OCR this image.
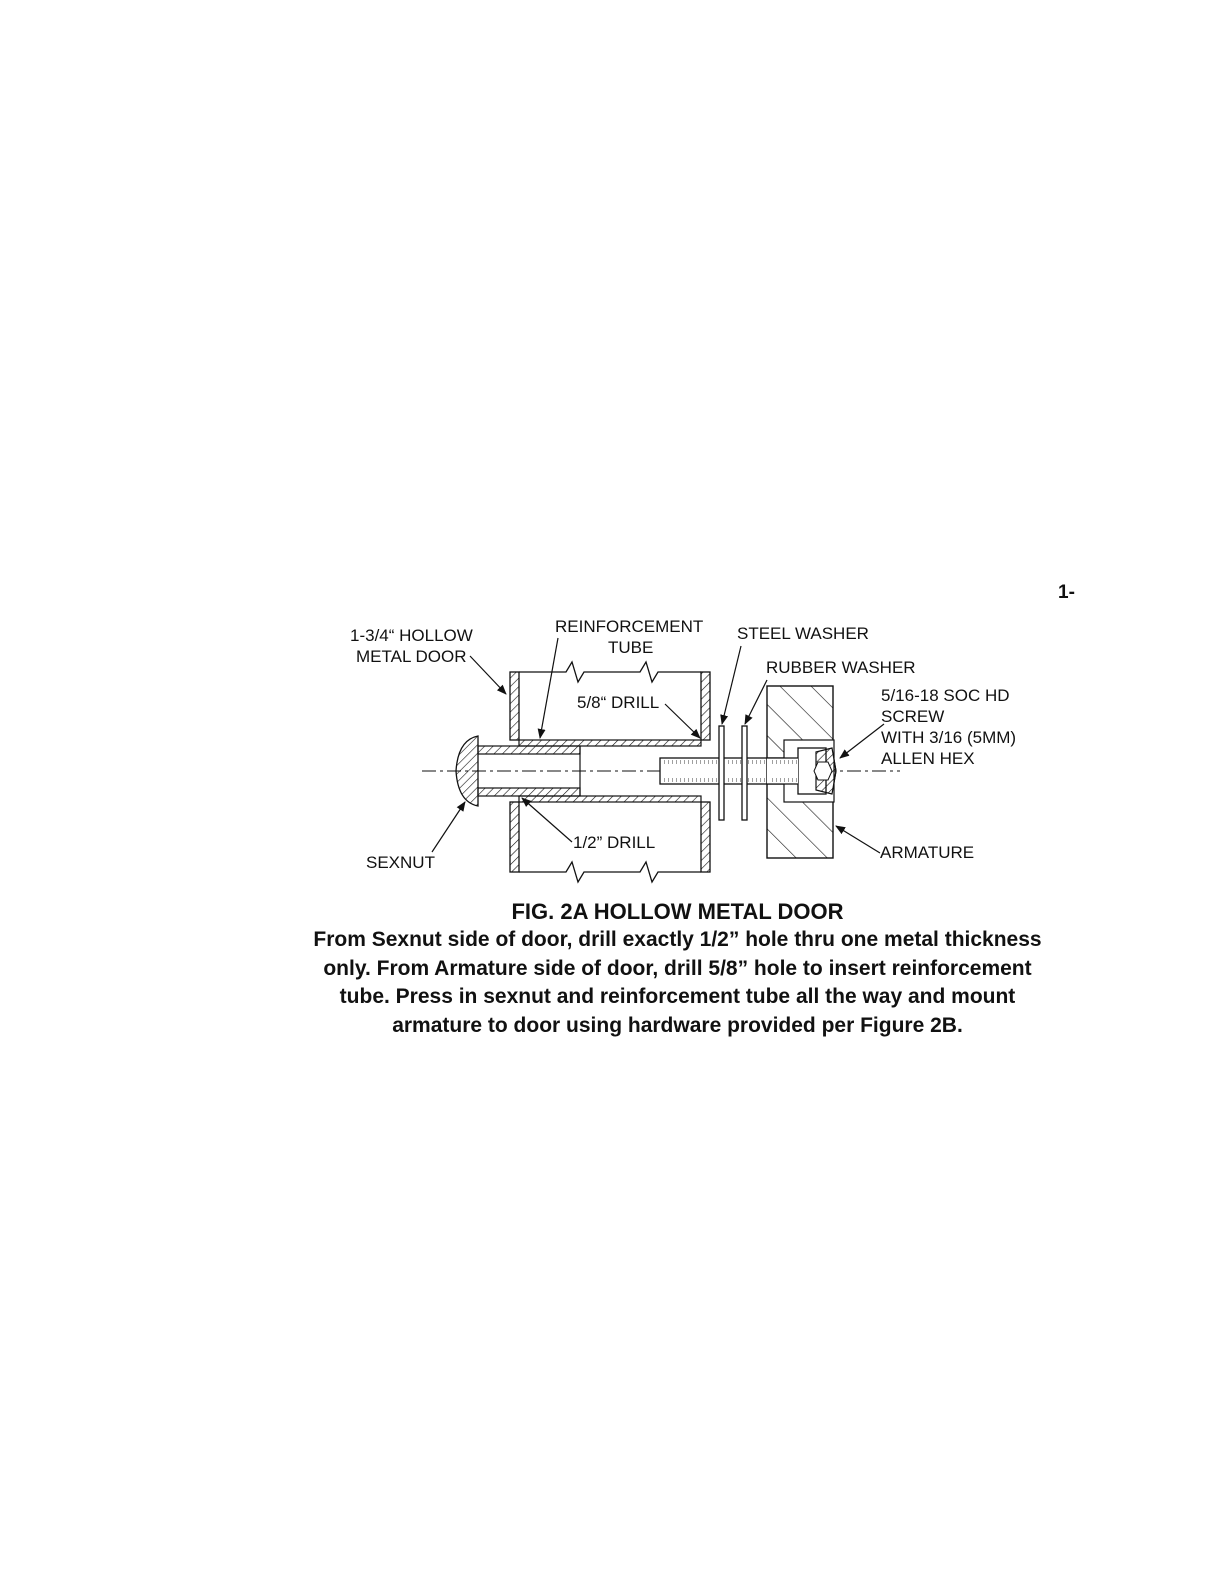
1-
1-3/4“ HOLLOW
METAL DOOR
REINFORCEMENT
TUBE
STEEL WASHER
RUBBER WASHER
5/8“ DRILL	5/16-18 SOC HD
SCREW
WITH 3/16 (5MM)
ALLEN HEX
1/2” DRILL
SEXNUT
ARMATURE
FIG. 2A HOLLOW METAL DOOR
From Sexnut side of door, drill exactly 1/2” hole thru one metal thickness
only. From Armature side of door, drill 5/8” hole to insert reinforcement
tube. Press in sexnut and reinforcement tube all the way and mount
armature to door using hardware provided per Figure 2B.
